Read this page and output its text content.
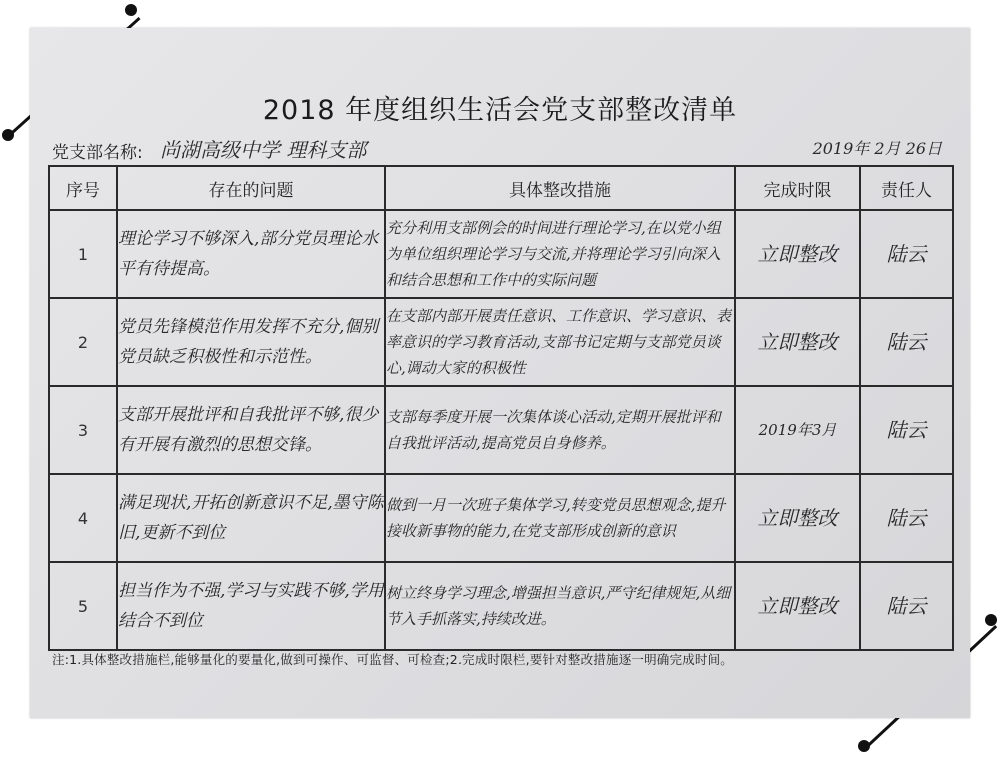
2018 年度组织生活会党支部整改清单
党支部名称: 尚湖高级中学 理科支部	2019年 2月 26日
序号	存在的问题	具体整改措施	完成时限	责任人
1	理论学习不够深入,部分党员理论水平有待提高。	充分利用支部例会的时间进行理论学习,在以党小组为单位组织理论学习与交流,并将理论学习引向深入和结合思想和工作中的实际问题	立即整改	陆云
2	党员先锋模范作用发挥不充分,個别党员缺乏积极性和示范性。	在支部内部开展责任意识、工作意识、学习意识、表率意识的学习教育活动,支部书记定期与支部党员谈心,调动大家的积极性	立即整改	陆云
3	支部开展批评和自我批评不够,很少有开展有激烈的思想交锋。	支部每季度开展一次集体谈心活动,定期开展批评和自我批评活动,提高党员自身修养。	2019年3月	陆云
4	满足现状,开拓创新意识不足,墨守陈旧,更新不到位	做到一月一次班子集体学习,转变党员思想观念,提升接收新事物的能力,在党支部形成创新的意识	立即整改	陆云
5	担当作为不强,学习与实践不够,学用结合不到位	树立终身学习理念,增强担当意识,严守纪律规矩,从细节入手抓落实,持续改进。	立即整改	陆云
注:1.具体整改措施栏,能够量化的要量化,做到可操作、可监督、可检查;2.完成时限栏,要针对整改措施逐一明确完成时间。
